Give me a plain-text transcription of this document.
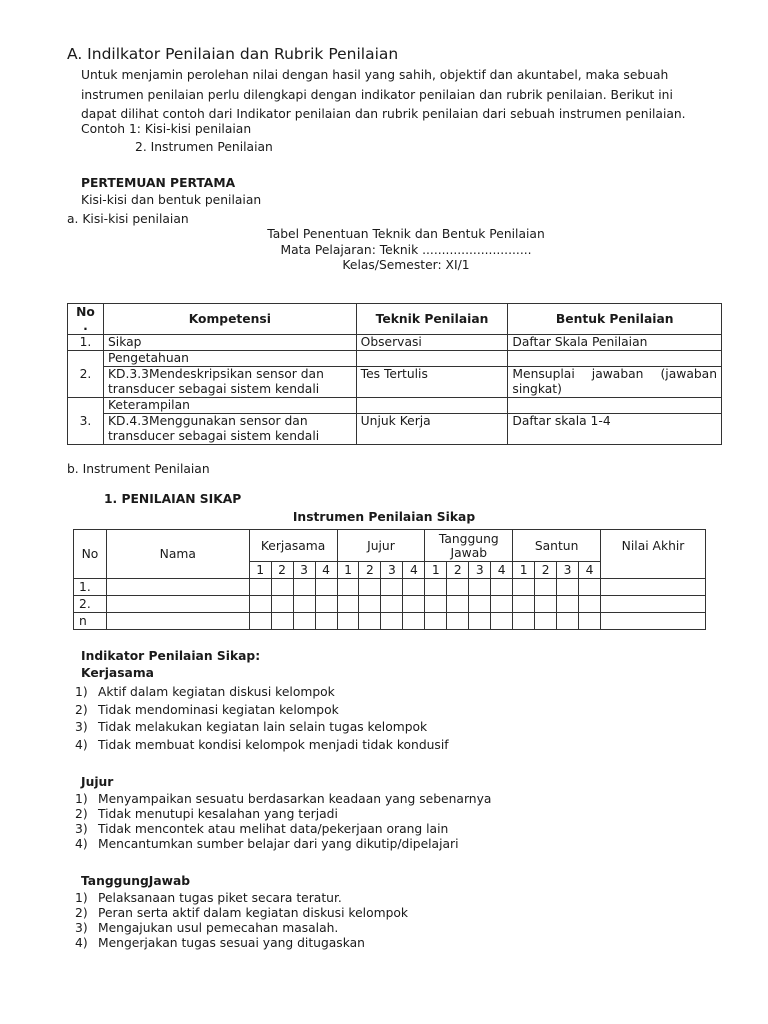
A. Indilkator Penilaian dan Rubrik Penilaian
Untuk menjamin perolehan nilai dengan hasil yang sahih, objektif dan akuntabel, maka sebuah
instrumen penilaian perlu dilengkapi dengan indikator penilaian dan rubrik penilaian. Berikut ini
dapat dilihat contoh dari Indikator penilaian dan rubrik penilaian dari sebuah instrumen penilaian.
Contoh 1: Kisi-kisi penilaian
2. Instrumen Penilaian
PERTEMUAN PERTAMA
Kisi-kisi dan bentuk penilaian
a. Kisi-kisi penilaian
Tabel Penentuan Teknik dan Bentuk Penilaian
Mata Pelajaran: Teknik ............................
Kelas/Semester: XI/1
No .	Kompetensi	Teknik Penilaian	Bentuk Penilaian
1.	Sikap	Observasi	Daftar Skala Penilaian
2.	Pengetahuan		
	KD.3.3Mendeskripsikan sensor dan transducer sebagai sistem kendali	Tes Tertulis	Mensuplai jawaban (jawaban singkat)
3.	Keterampilan		
	KD.4.3Menggunakan sensor dan transducer sebagai sistem kendali	Unjuk Kerja	Daftar skala 1-4
b. Instrument Penilaian
1. PENILAIAN SIKAP
Instrumen Penilaian Sikap
No	Nama	Kerjasama				Jujur				Tanggung Jawab				Santun				Nilai Akhir
		1	2	3	4	1	2	3	4	1	2	3	4	1	2	3	4	
1.																		
2.																		
n																		
Indikator Penilaian Sikap:
Kerjasama
1) Aktif dalam kegiatan diskusi kelompok
2) Tidak mendominasi kegiatan kelompok
3) Tidak melakukan kegiatan lain selain tugas kelompok
4) Tidak membuat kondisi kelompok menjadi tidak kondusif
Jujur
1) Menyampaikan sesuatu berdasarkan keadaan yang sebenarnya
2) Tidak menutupi kesalahan yang terjadi
3) Tidak mencontek atau melihat data/pekerjaan orang lain
4) Mencantumkan sumber belajar dari yang dikutip/dipelajari
TanggungJawab
1) Pelaksanaan tugas piket secara teratur.
2) Peran serta aktif dalam kegiatan diskusi kelompok
3) Mengajukan usul pemecahan masalah.
4) Mengerjakan tugas sesuai yang ditugaskan
